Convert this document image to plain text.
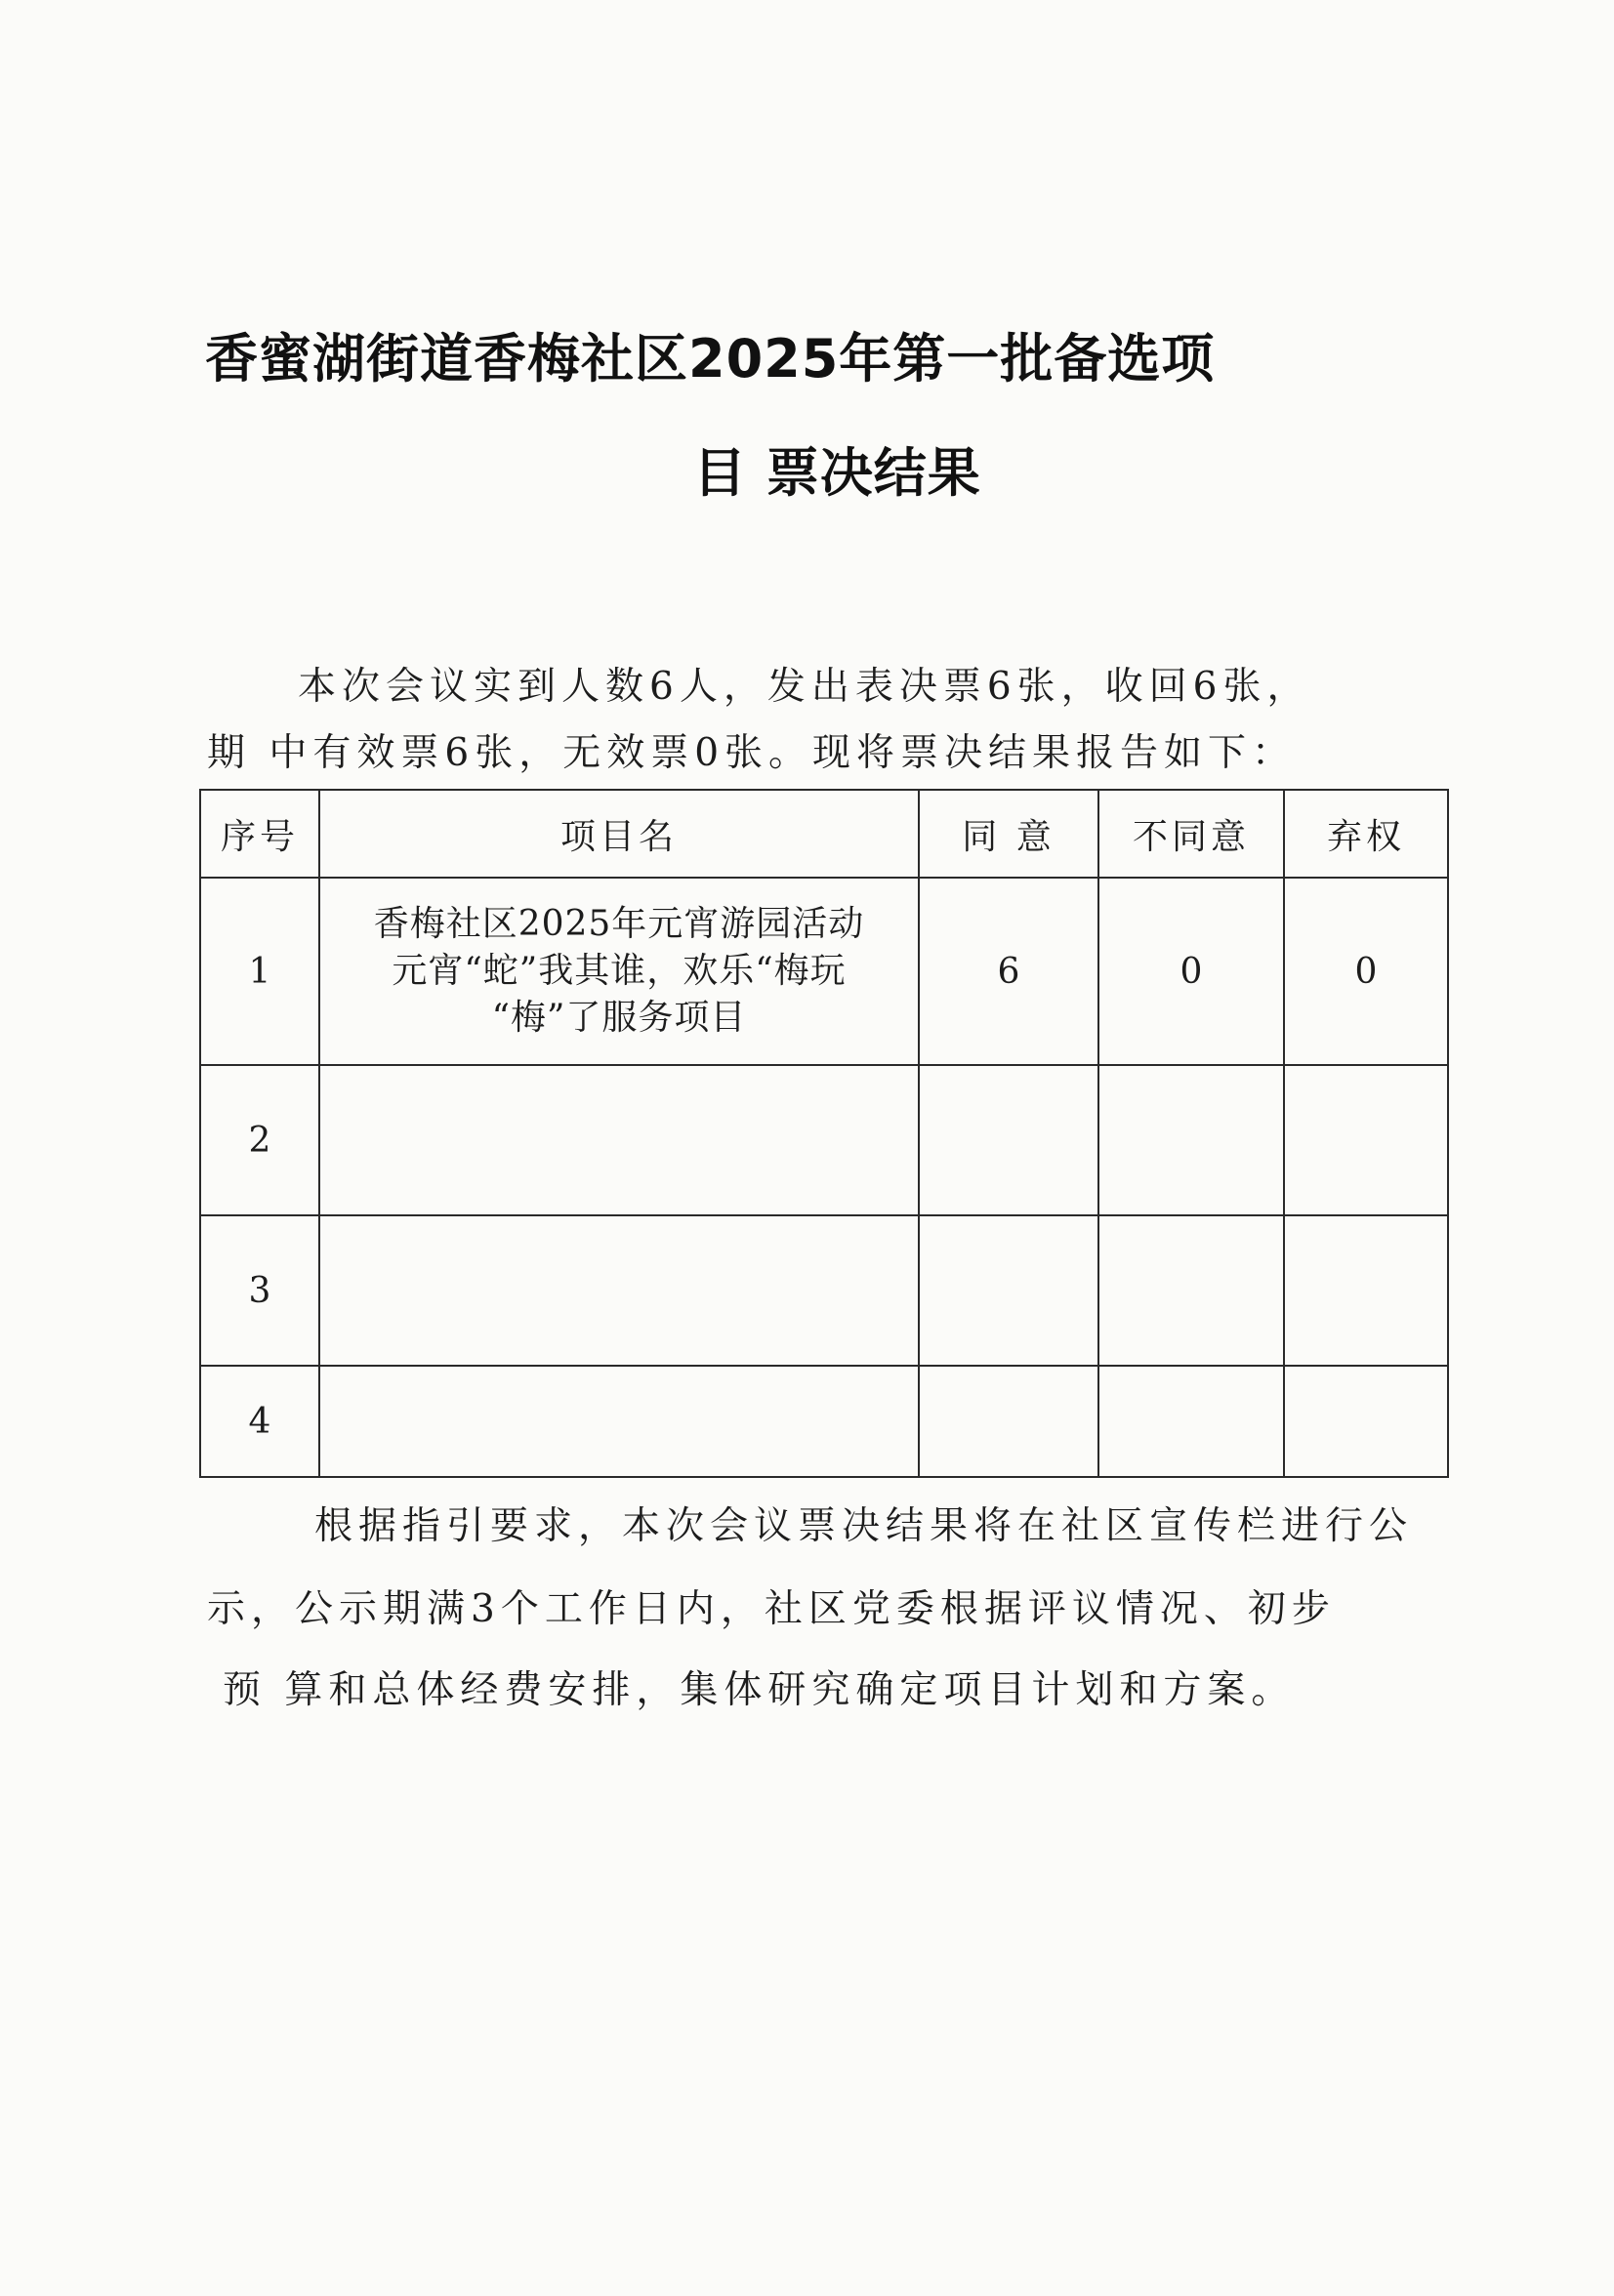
香蜜湖街道香梅社区2025年第一批备选项
目 票决结果
本次会议实到人数6人，发出表决票6张，收回6张，
期 中有效票6张，无效票0张。现将票决结果报告如下：
序号	项目名	同 意	不同意	弃权
1	香梅社区2025年元宵游园活动
元宵“蛇”我其谁，欢乐“梅玩
“梅”了服务项目	6	0	0
2				
3				
4				
根据指引要求，本次会议票决结果将在社区宣传栏进行公
示，公示期满3个工作日内，社区党委根据评议情况、初步
预 算和总体经费安排，集体研究确定项目计划和方案。
